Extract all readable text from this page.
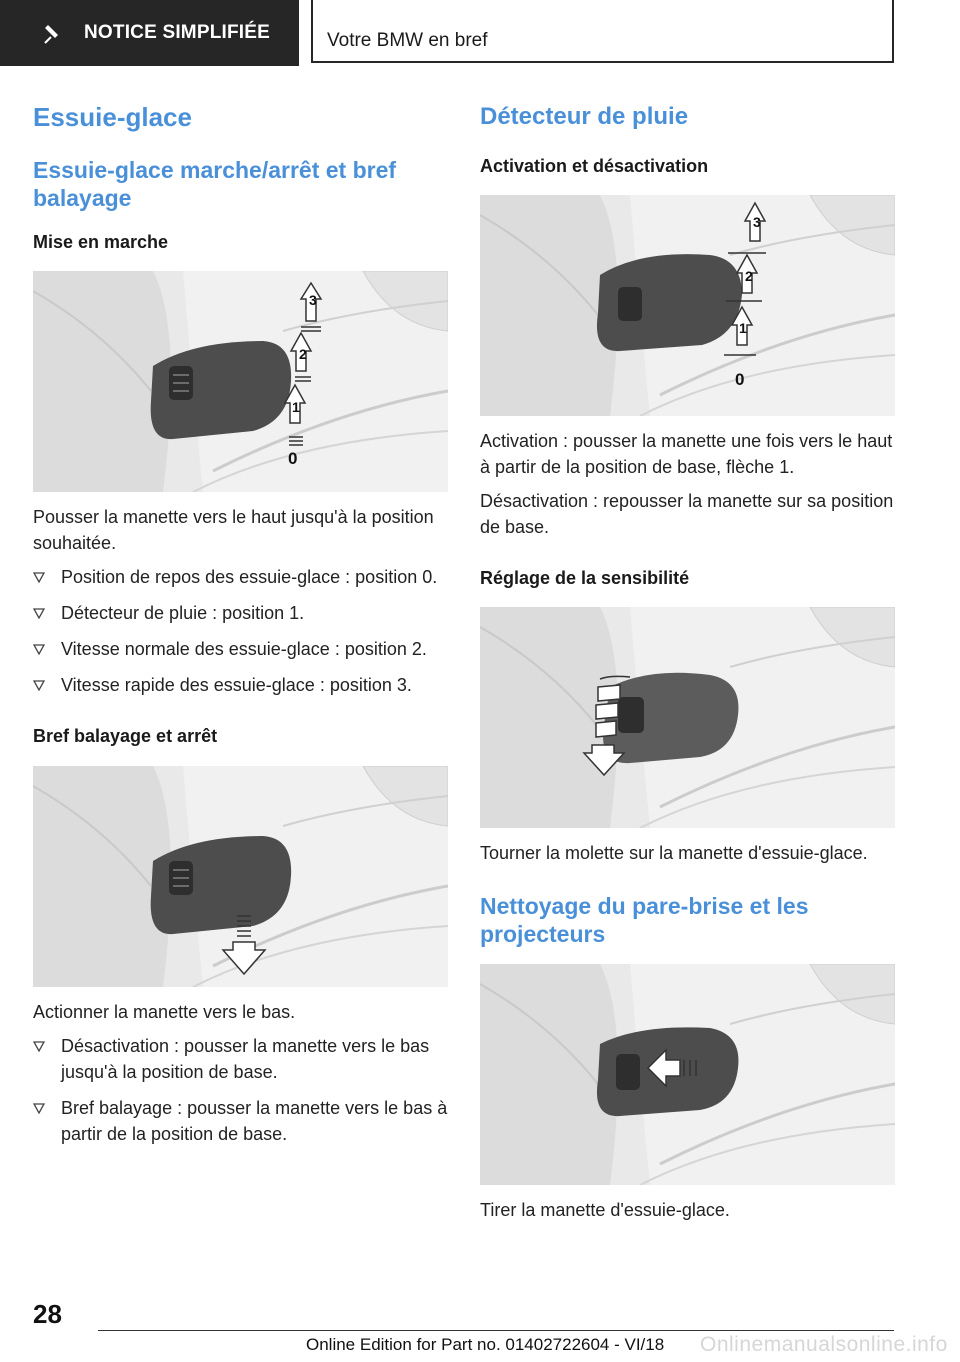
NOTICE SIMPLIFIÉE	Votre BMW en bref
Essuie-glace
Essuie-glace marche/arrêt et bref balayage
Mise en marche
3
2
1
0

Pousser la manette vers le haut jusqu'à la position souhaitée.

Position de repos des essuie-glace : position 0.
Détecteur de pluie : position 1.
Vitesse normale des essuie-glace : position 2.
Vitesse rapide des essuie-glace : position 3.
Bref balayage et arrêt

Actionner la manette vers le bas.

Désactivation : pousser la manette vers le bas jusqu'à la position de base.
Bref balayage : pousser la manette vers le bas à partir de la position de base.
Détecteur de pluie
Activation et désactivation
3
2
1
0

Activation : pousser la manette une fois vers le haut à partir de la position de base, flèche 1.

Désactivation : repousser la manette sur sa position de base.

Réglage de la sensibilité

Tourner la molette sur la manette d'essuie-glace.

Nettoyage du pare-brise et les projecteurs

Tirer la manette d'essuie-glace.

28
Online Edition for Part no. 01402722604 - VI/18 Onlinemanualsonline.info
